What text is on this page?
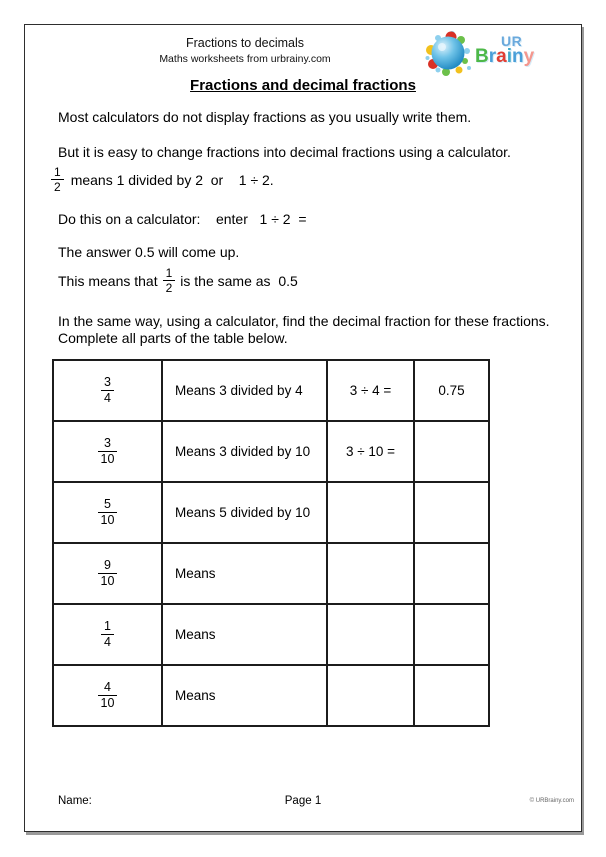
Fractions to decimals
Maths worksheets from urbrainy.com
UR
Brainy
Fractions and decimal fractions
Most calculators do not display fractions as you usually write them.
But it is easy to change fractions into decimal fractions using a calculator.
$\frac{1}{2}$ means 1 divided by 2  or    1 ÷ 2.
Do this on a calculator:    enter   1 ÷ 2  =
The answer 0.5 will come up.
This means that $\frac{1}{2}$ is the same as  0.5
In the same way, using a calculator, find the decimal fraction for these fractions.
Complete all parts of the table below.
$\frac{3}{4}$	Means 3 divided by 4	3 ÷ 4 =	0.75

$\frac{3}{10}$	Means 3 divided by 10	3 ÷ 10 =	

$\frac{5}{10}$	Means 5 divided by 10		

$\frac{9}{10}$	Means		

$\frac{1}{4}$	Means		

$\frac{4}{10}$	Means		
Name:	Page 1	© URBrainy.com
